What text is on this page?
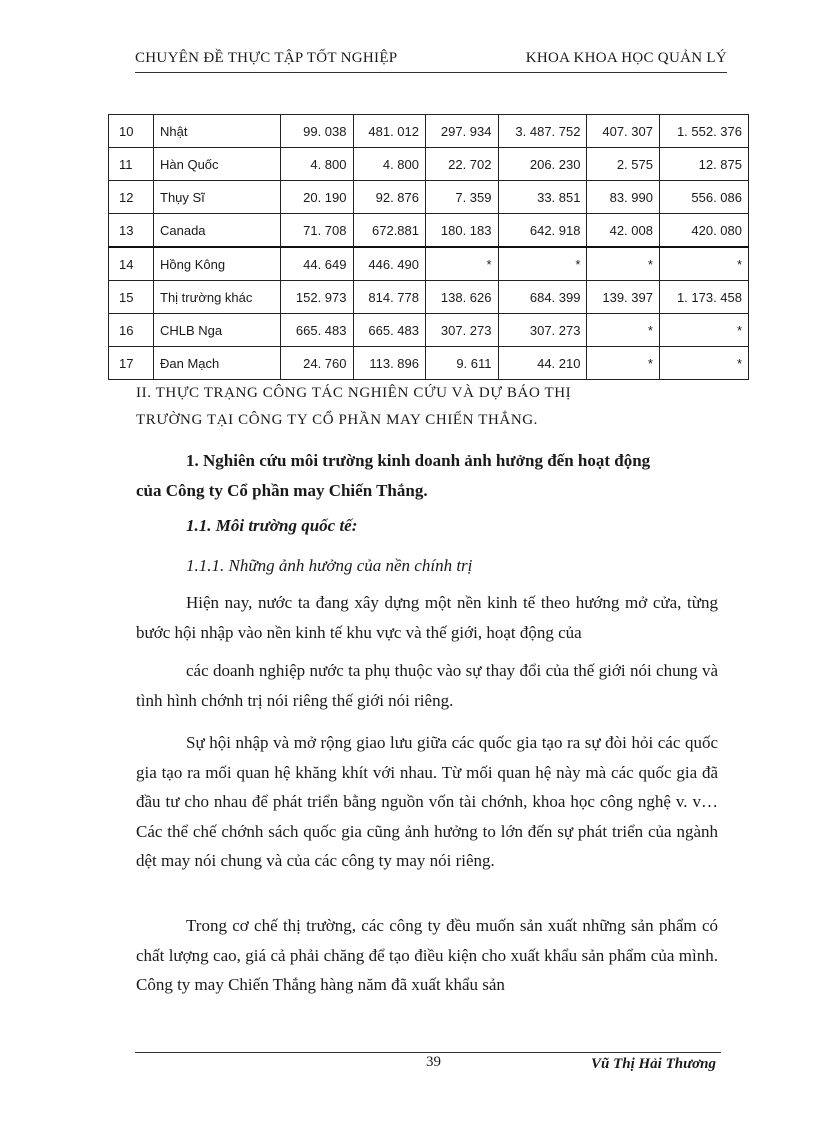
CHUYÊN ĐỀ THỰC TẬP TỐT NGHIỆP	KHOA KHOA HỌC QUẢN LÝ
10	Nhật	99. 038	481. 012	297. 934	3. 487. 752	407. 307	1. 552. 376
11	Hàn Quốc	4. 800	4. 800	22. 702	206. 230	2. 575	12. 875
12	Thụy Sĩ	20. 190	92. 876	7. 359	33. 851	83. 990	556. 086
13	Canada	71. 708	672.881	180. 183	642. 918	42. 008	420. 080
14	Hồng Kông	44. 649	446. 490	*	*	*	*
15	Thị trường khác	152. 973	814. 778	138. 626	684. 399	139. 397	1. 173. 458
16	CHLB Nga	665. 483	665. 483	307. 273	307. 273	*	*
17	Đan Mạch	24. 760	113. 896	9. 611	44. 210	*	*
II. THỰC TRẠNG CÔNG TÁC NGHIÊN CỨU VÀ DỰ BÁO THỊ
TRƯỜNG TẠI CÔNG TY CỔ PHẦN MAY CHIẾN THẮNG.
1. Nghiên cứu môi trường kinh doanh ảnh hưởng đến hoạt động
của Công ty Cổ phần may Chiến Thắng.
1.1. Môi trường quốc tế:
1.1.1. Những ảnh hưởng của nền chính trị
Hiện nay, nước ta đang xây dựng một nền kinh tế theo hướng mở cửa, từng bước hội nhập vào nền kinh tế khu vực và thế giới, hoạt động của
các doanh nghiệp nước ta phụ thuộc vào sự thay đổi của thế giới nói chung và tình hình chớnh trị nói riêng thế giới nói riêng.
Sự hội nhập và mở rộng giao lưu giữa các quốc gia tạo ra sự đòi hỏi các quốc gia tạo ra mối quan hệ khăng khít với nhau. Từ mối quan hệ này mà các quốc gia đã đầu tư cho nhau để phát triển bằng nguồn vốn tài chớnh, khoa học công nghệ v. v… Các thể chế chớnh sách quốc gia cũng ảnh hưởng to lớn đến sự phát triển của ngành dệt may nói chung và của các công ty may nói riêng.
Trong cơ chế thị trường, các công ty đều muốn sản xuất những sản phẩm có chất lượng cao, giá cả phải chăng để tạo điều kiện cho xuất khẩu sản phẩm của mình. Công ty may Chiến Thắng hàng năm đã xuất khẩu sản
39	Vũ Thị Hải Thương
